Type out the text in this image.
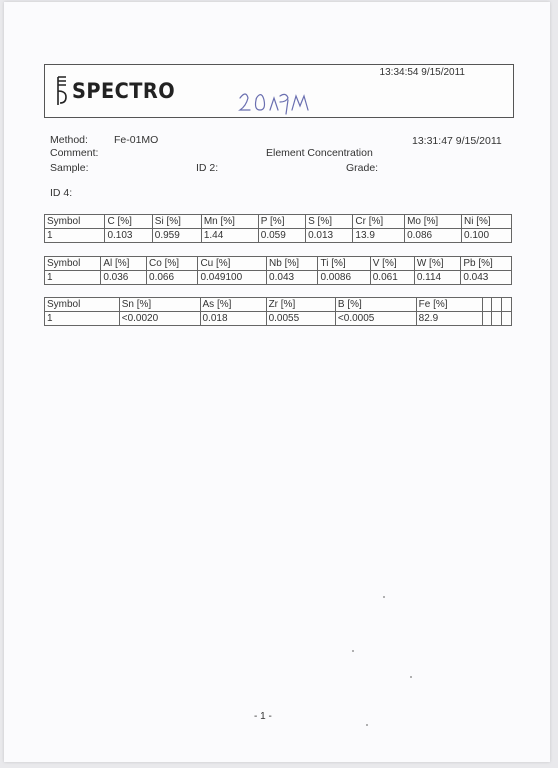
SPECTRO
13:34:54 9/15/2011
Method: Fe-01MO
Comment:
Sample:	ID 2:
Element Concentration
Grade:
13:31:47 9/15/2011
ID 4:
Symbol	C [%]	Si [%]	Mn [%]	P [%]	S [%]	Cr [%]	Mo [%]	Ni [%]
1	0.103	0.959	1.44	0.059	0.013	13.9	0.086	0.100
Symbol	Al [%]	Co [%]	Cu [%]	Nb [%]	Ti [%]	V [%]	W [%]	Pb [%]
1	0.036	0.066	0.049100	0.043	0.0086	0.061	0.114	0.043
Symbol	Sn [%]	As [%]	Zr [%]	B [%]	Fe [%]			
1	<0.0020	0.018	0.0055	<0.0005	82.9			
- 1 -
